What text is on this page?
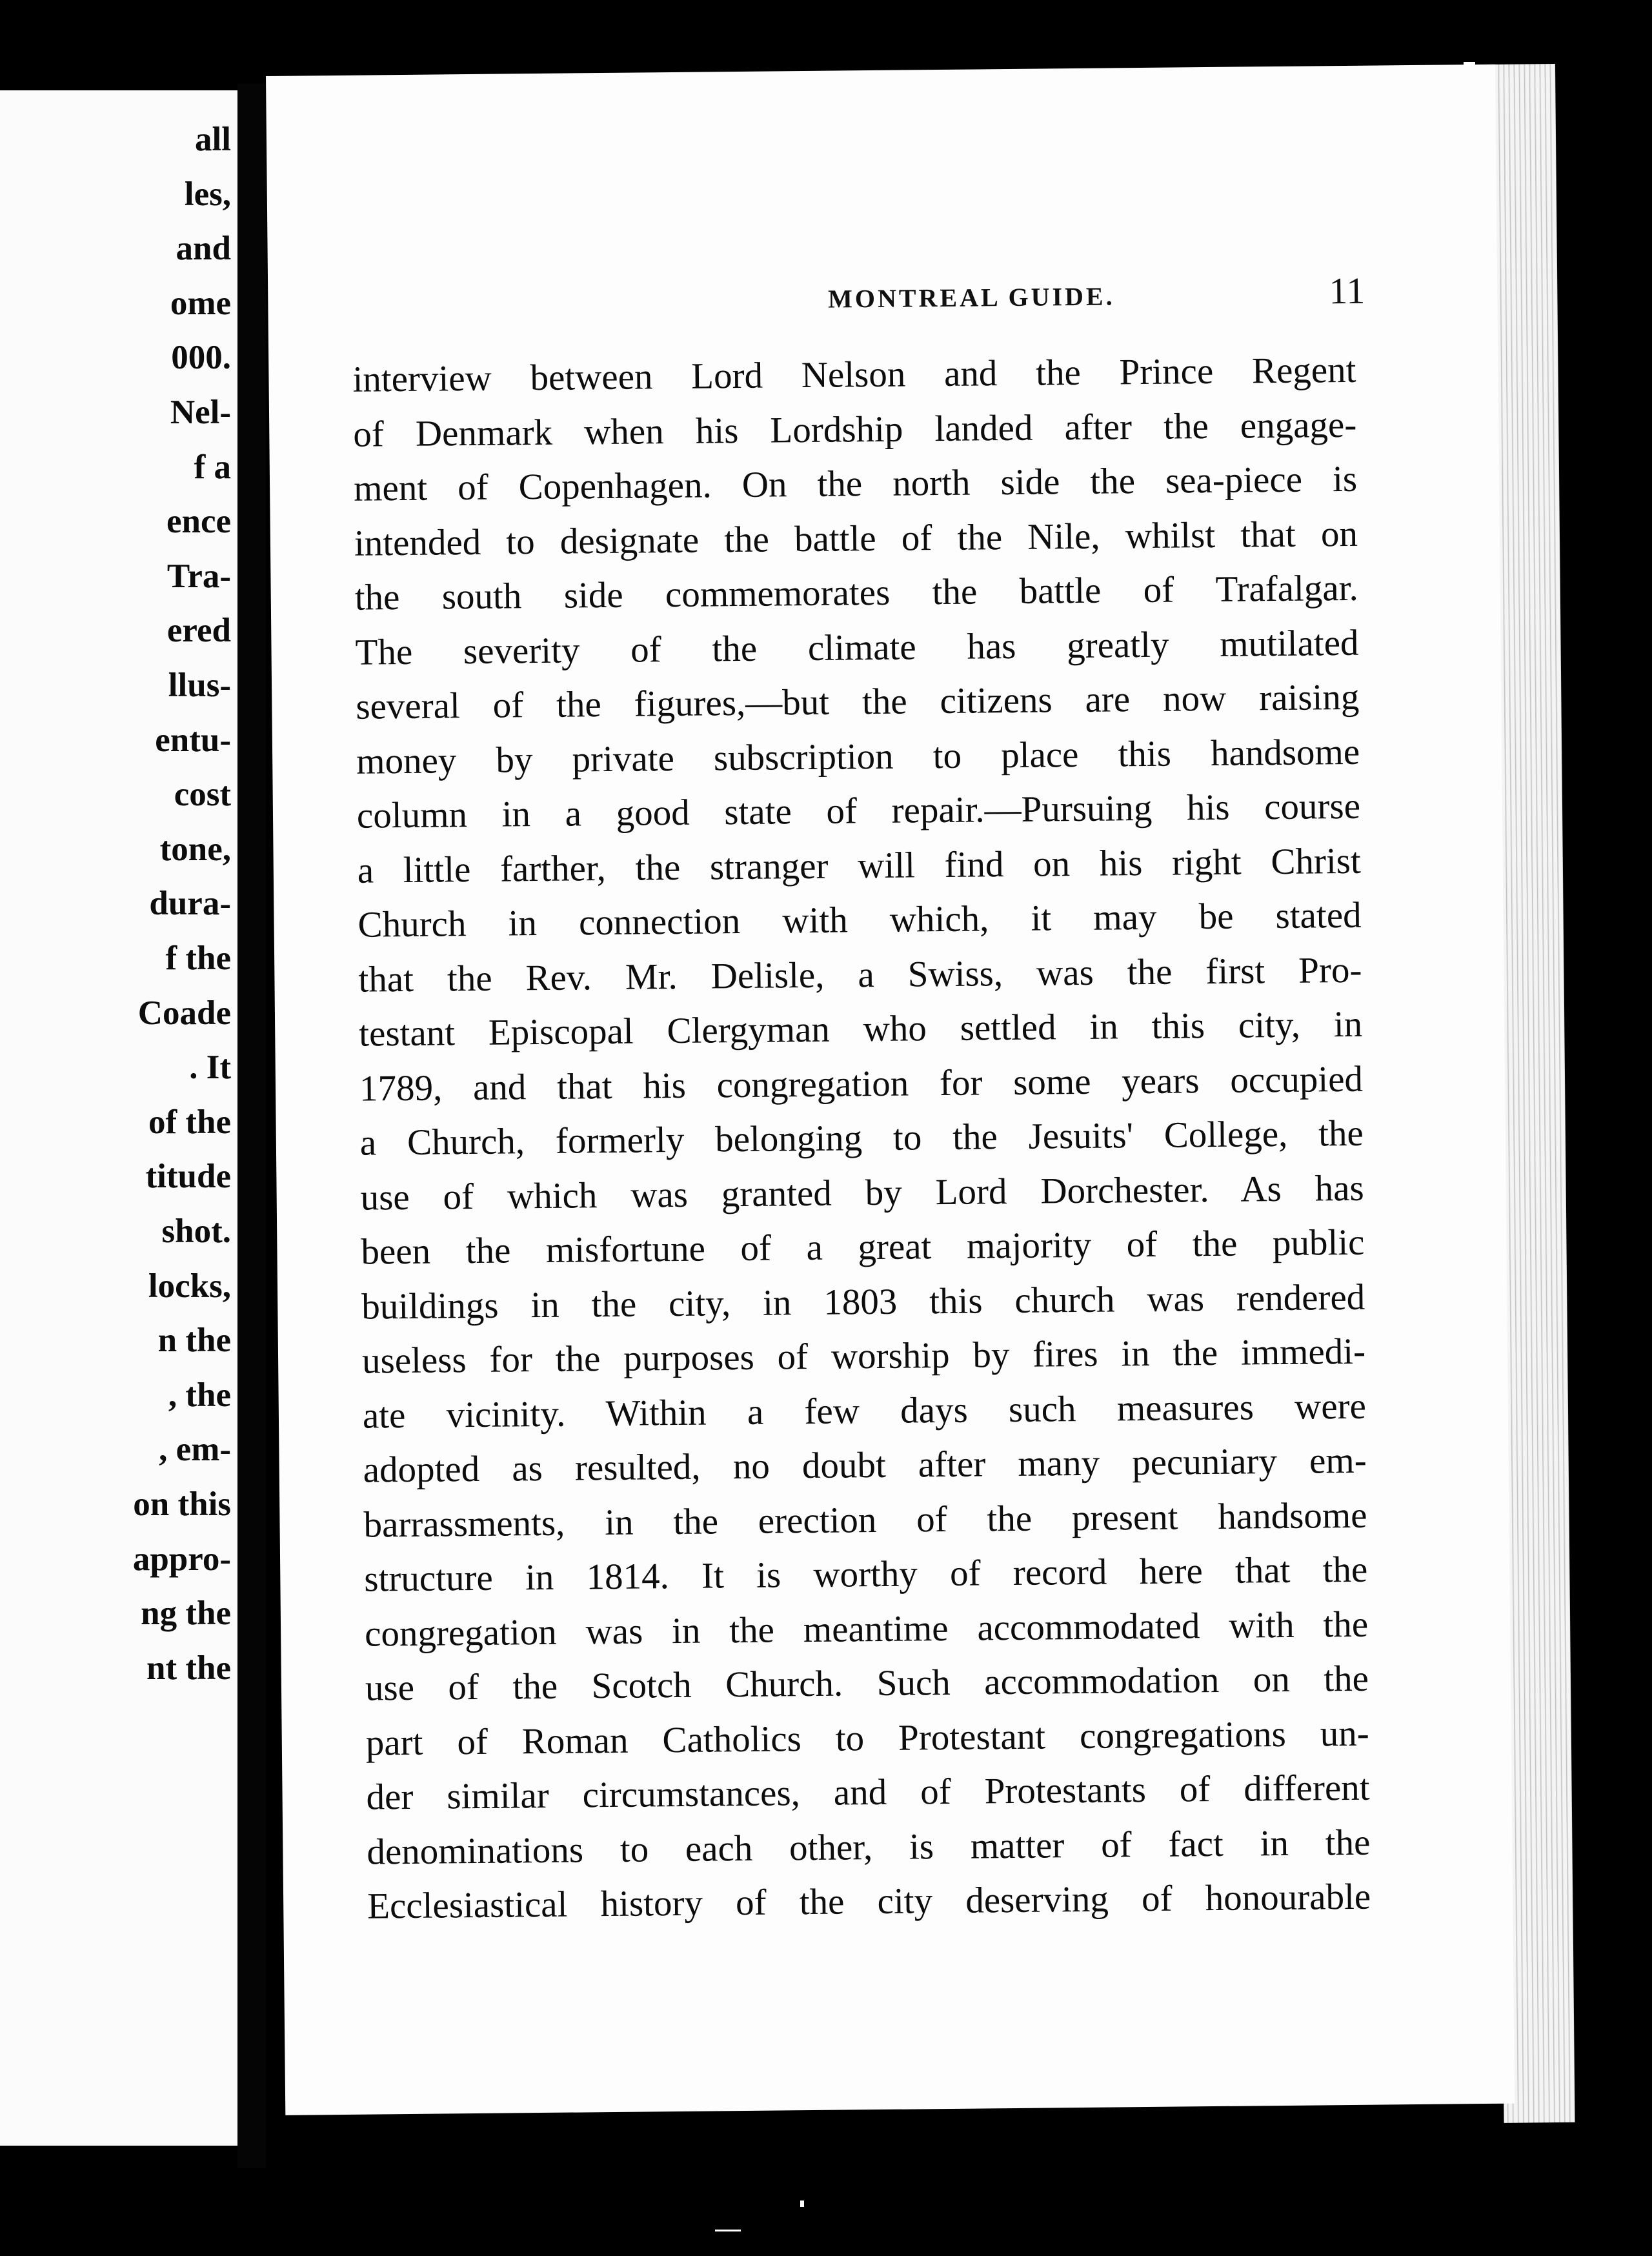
all
les,
and
ome
000.
Nel-
f a
ence
Tra-
ered
llus-
entu-
cost
tone,
dura-
f the
Coade
. It
of the
titude
shot.
locks,
n the
, the
, em-
on this
appro-
ng the
nt the
MONTREAL GUIDE.	11
interview between Lord Nelson and the Prince Regent
of Denmark when his Lordship landed after the engage-
ment of Copenhagen. On the north side the sea-piece is
intended to designate the battle of the Nile, whilst that on
the south side commemorates the battle of Trafalgar.
The severity of the climate has greatly mutilated
several of the figures,—but the citizens are now raising
money by private subscription to place this handsome
column in a good state of repair.—Pursuing his course
a little farther, the stranger will find on his right Christ
Church in connection with which, it may be stated
that the Rev. Mr. Delisle, a Swiss, was the first Pro-
testant Episcopal Clergyman who settled in this city, in
1789, and that his congregation for some years occupied
a Church, formerly belonging to the Jesuits' College, the
use of which was granted by Lord Dorchester. As has
been the misfortune of a great majority of the public
buildings in the city, in 1803 this church was rendered
useless for the purposes of worship by fires in the immedi-
ate vicinity. Within a few days such measures were
adopted as resulted, no doubt after many pecuniary em-
barrassments, in the erection of the present handsome
structure in 1814. It is worthy of record here that the
congregation was in the meantime accommodated with the
use of the Scotch Church. Such accommodation on the
part of Roman Catholics to Protestant congregations un-
der similar circumstances, and of Protestants of different
denominations to each other, is matter of fact in the
Ecclesiastical history of the city deserving of honourable
